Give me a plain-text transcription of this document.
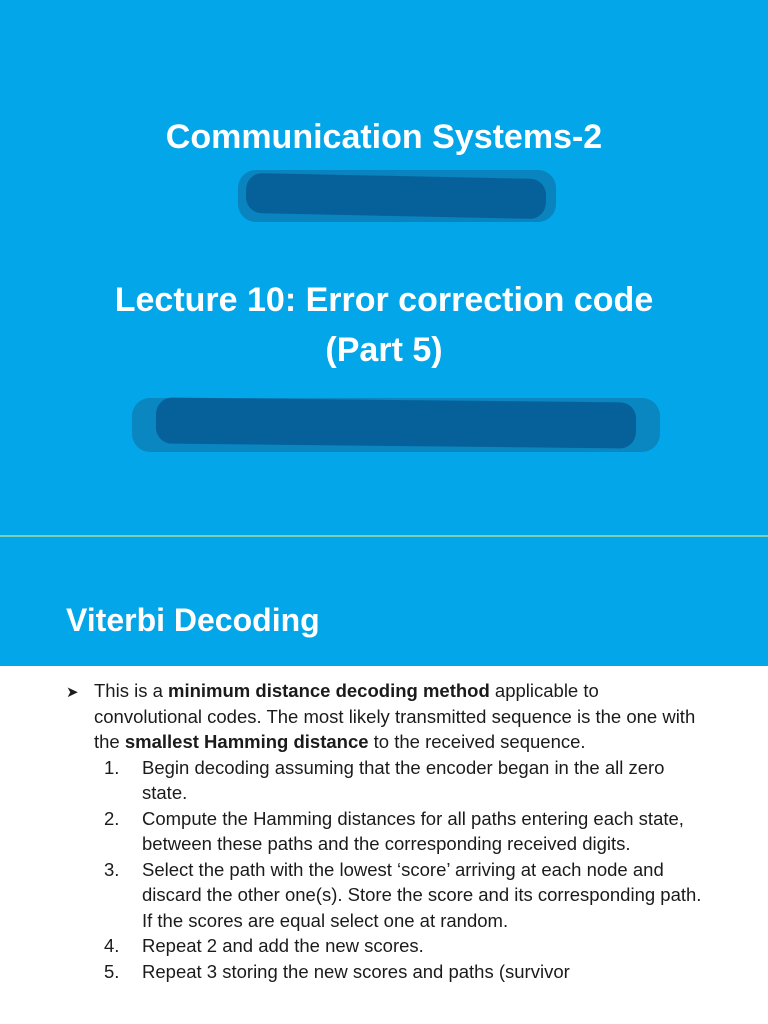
Communication Systems-2
Lecture 10: Error correction code
(Part 5)
Viterbi Decoding
➤ This is a minimum distance decoding method applicable to convolutional codes. The most likely transmitted sequence is the one with the smallest Hamming distance to the received sequence.
1.	Begin decoding assuming that the encoder began in the all zero state.
2.	Compute the Hamming distances for all paths entering each state, between these paths and the corresponding received digits.
3.	Select the path with the lowest ‘score’ arriving at each node and discard the other one(s). Store the score and its corresponding path. If the scores are equal select one at random.
4.	Repeat 2 and add the new scores.
5.	Repeat 3 storing the new scores and paths (survivor
